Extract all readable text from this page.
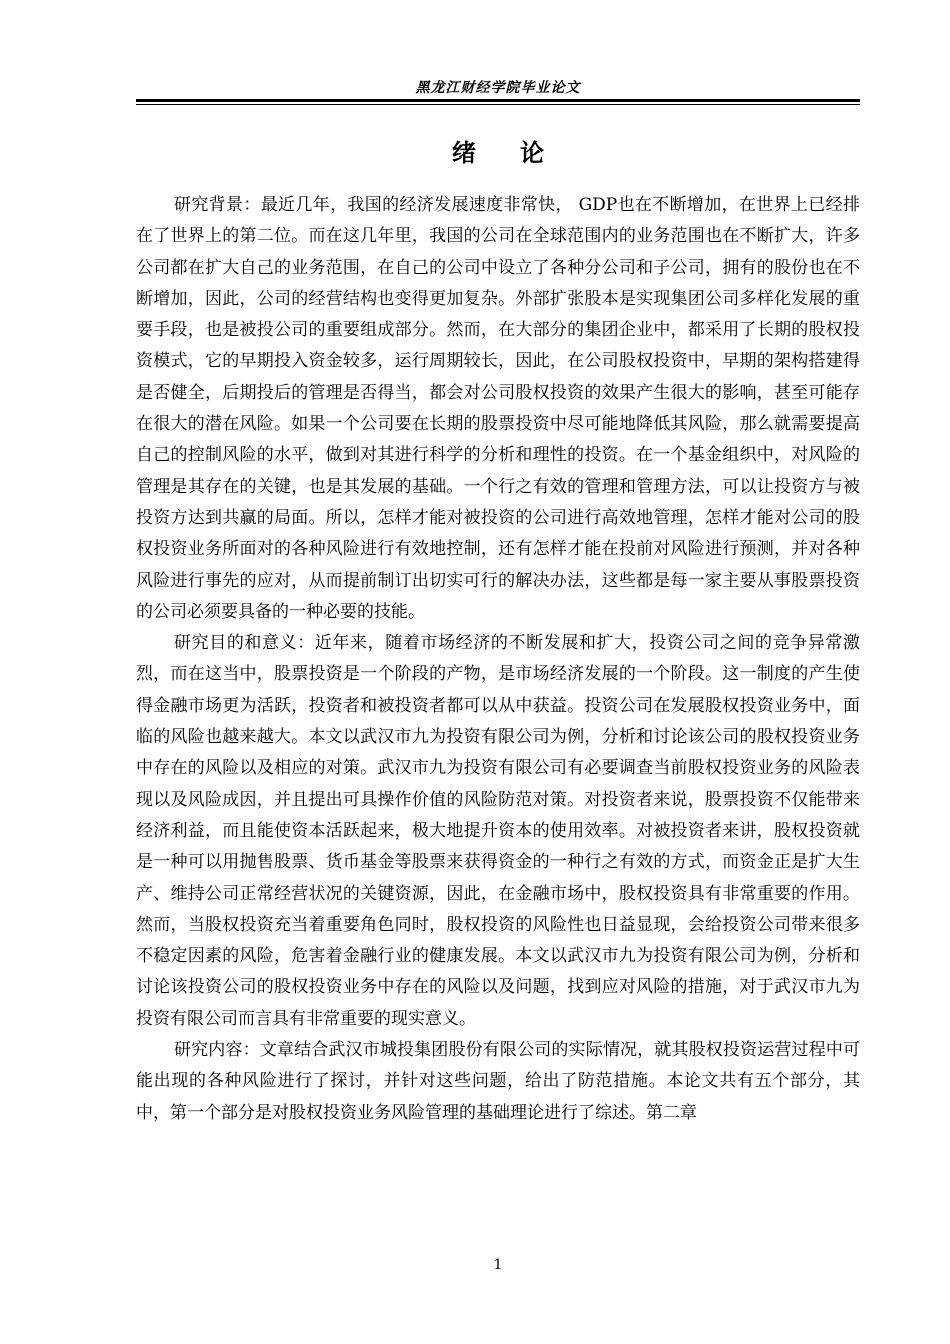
黑龙江财经学院毕业论文
绪 论

研究背景：最近几年，我国的经济发展速度非常快， GDP也在不断增加，在世界上已经排在了世界上的第二位。而在这几年里，我国的公司在全球范围内的业务范围也在不断扩大，许多公司都在扩大自己的业务范围，在自己的公司中设立了各种分公司和子公司，拥有的股份也在不断增加，因此，公司的经营结构也变得更加复杂。外部扩张股本是实现集团公司多样化发展的重要手段，也是被投公司的重要组成部分。然而，在大部分的集团企业中，都采用了长期的股权投资模式，它的早期投入资金较多，运行周期较长，因此，在公司股权投资中，早期的架构搭建得是否健全，后期投后的管理是否得当，都会对公司股权投资的效果产生很大的影响，甚至可能存在很大的潜在风险。如果一个公司要在长期的股票投资中尽可能地降低其风险，那么就需要提高自己的控制风险的水平，做到对其进行科学的分析和理性的投资。在一个基金组织中，对风险的管理是其存在的关键，也是其发展的基础。一个行之有效的管理和管理方法，可以让投资方与被投资方达到共赢的局面。所以，怎样才能对被投资的公司进行高效地管理，怎样才能对公司的股权投资业务所面对的各种风险进行有效地控制，还有怎样才能在投前对风险进行预测，并对各种风险进行事先的应对，从而提前制订出切实可行的解决办法，这些都是每一家主要从事股票投资的公司必须要具备的一种必要的技能。

研究目的和意义：近年来，随着市场经济的不断发展和扩大，投资公司之间的竞争异常激烈，而在这当中，股票投资是一个阶段的产物，是市场经济发展的一个阶段。这一制度的产生使得金融市场更为活跃，投资者和被投资者都可以从中获益。投资公司在发展股权投资业务中，面临的风险也越来越大。本文以武汉市九为投资有限公司为例，分析和讨论该公司的股权投资业务中存在的风险以及相应的对策。武汉市九为投资有限公司有必要调查当前股权投资业务的风险表现以及风险成因，并且提出可具操作价值的风险防范对策。对投资者来说，股票投资不仅能带来经济利益，而且能使资本活跃起来，极大地提升资本的使用效率。对被投资者来讲，股权投资就是一种可以用抛售股票、货币基金等股票来获得资金的一种行之有效的方式，而资金正是扩大生产、维持公司正常经营状况的关键资源，因此，在金融市场中，股权投资具有非常重要的作用。然而，当股权投资充当着重要角色同时，股权投资的风险性也日益显现，会给投资公司带来很多不稳定因素的风险，危害着金融行业的健康发展。本文以武汉市九为投资有限公司为例，分析和讨论该投资公司的股权投资业务中存在的风险以及问题，找到应对风险的措施，对于武汉市九为投资有限公司而言具有非常重要的现实意义。

研究内容：文章结合武汉市城投集团股份有限公司的实际情况，就其股权投资运营过程中可能出现的各种风险进行了探讨，并针对这些问题，给出了防范措施。本论文共有五个部分，其中，第一个部分是对股权投资业务风险管理的基础理论进行了综述。第二章

1
